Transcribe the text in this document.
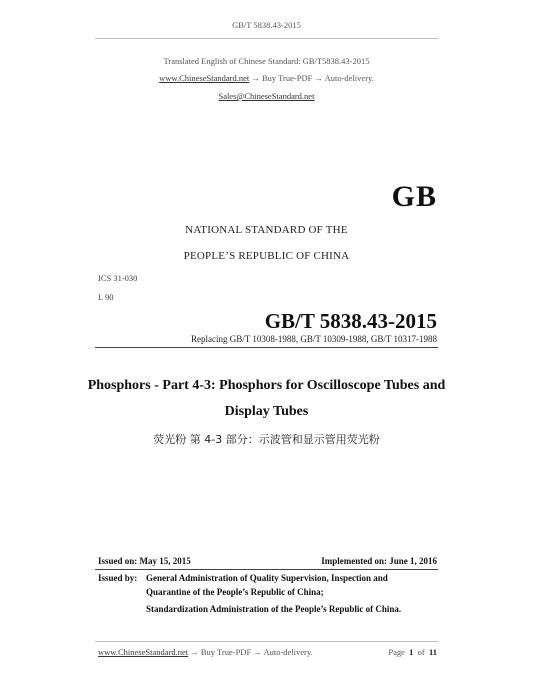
GB/T 5838.43-2015
Translated English of Chinese Standard: GB/T5838.43-2015
www.ChineseStandard.net → Buy True-PDF → Auto-delivery.
Sales@ChineseStandard.net
GB
NATIONAL STANDARD OF THE
PEOPLE’S REPUBLIC OF CHINA
ICS 31-030
L 90
GB/T 5838.43-2015
Replacing GB/T 10308-1988, GB/T 10309-1988, GB/T 10317-1988
Phosphors - Part 4-3: Phosphors for Oscilloscope Tubes and
Display Tubes
荧光粉 第 4-3 部分：示波管和显示管用荧光粉
Issued on: May 15, 2015	Implemented on: June 1, 2016
Issued by: General Administration of Quality Supervision, Inspection and
Quarantine of the People’s Republic of China;
Standardization Administration of the People’s Republic of China.
www.ChineseStandard.net → Buy True-PDF → Auto-delivery.	Page 1 of 11
